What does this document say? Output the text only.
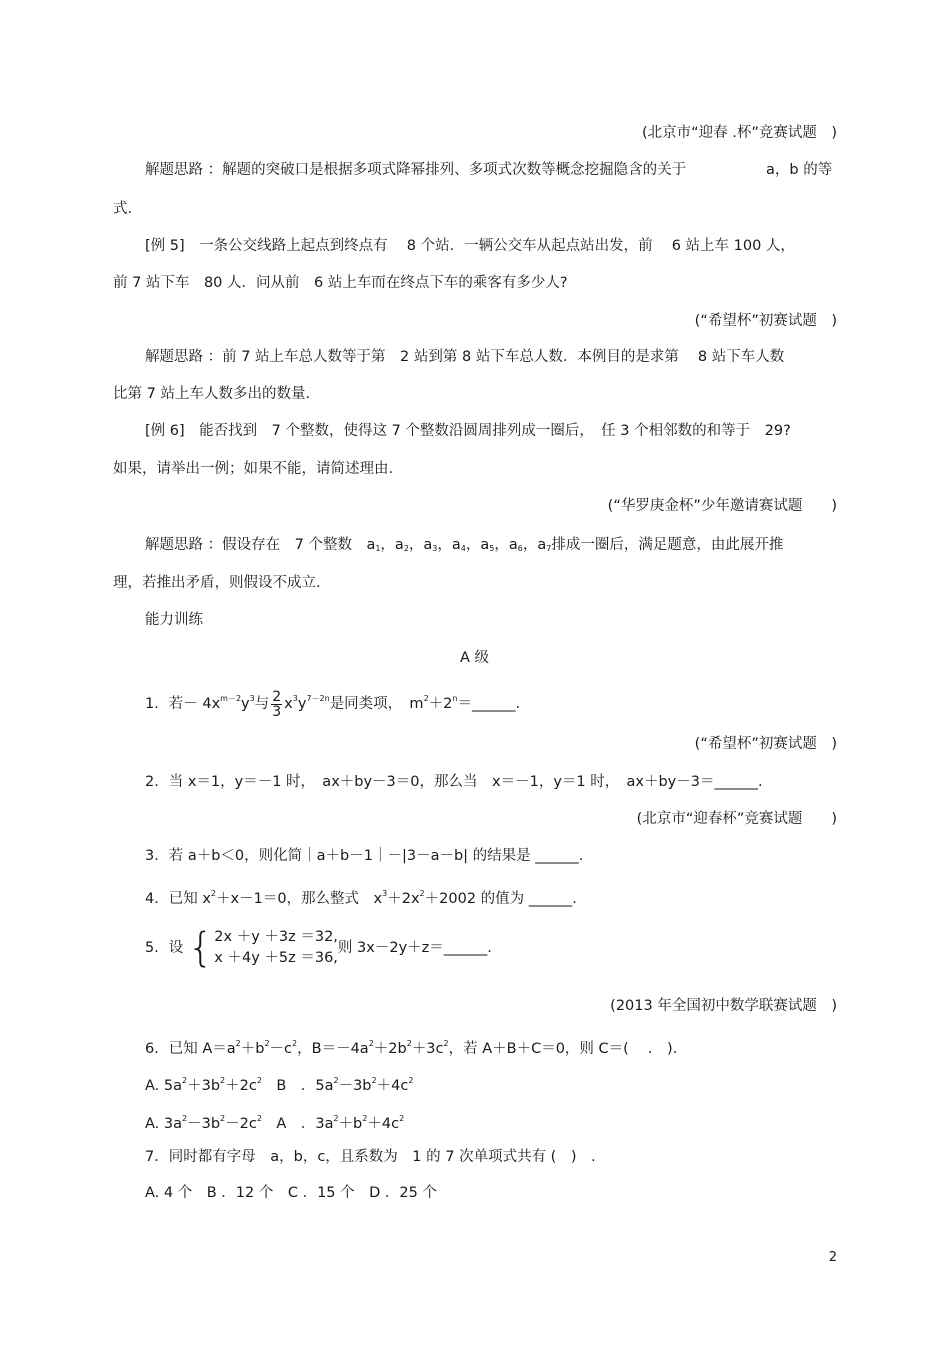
(北京市“迎春 .杯”竞赛试题　)
解题思路 ：解题的突破口是根据多项式降幂排列、多项式次数等概念挖掘隐含的关于	a，b 的等
式.
[例 5]　一条公交线路上起点到终点有　 8 个站．一辆公交车从起点站出发，前　 6 站上车 100 人，
前 7 站下车　80 人．问从前　6 站上车而在终点下车的乘客有多少人?
(“希望杯”初赛试题　)
解题思路 ：前 7 站上车总人数等于第　2 站到第 8 站下车总人数．本例目的是求第　 8 站下车人数
比第 7 站上车人数多出的数量.
[例 6]　能否找到　7 个整数，使得这 7 个整数沿圆周排列成一圈后，　任 3 个相邻数的和等于　29?
如果，请举出一例；如果不能，请简述理由.
(“华罗庚金杯”少年邀请赛试题　　)
解题思路 ：假设存在　7 个整数　$a_1$，$a_2$，$a_3$，$a_4$，$a_5$，$a_6$，$a_7$排成一圈后，满足题意，由此展开推
理，若推出矛盾，则假设不成立.
能力训练
A 级
1．若－ $4x^{m-2}y^3$与 $\frac{2}{3} x^3y^{7-2n}$是同类项，　$m^2+2^n=\_\_\_\_\_\_$.
(“希望杯”初赛试题　)
2．当 x＝1，y＝－1 时，　ax＋by－3＝0，那么当　x＝－1，y＝1 时，　ax＋by－3＝______.
(北京市“迎春杯”竞赛试题　　)
3．若 a＋b＜0，则化简｜a＋b－1｜－|3－a－b| 的结果是 ______.
4．已知 $x^2+x-1=0$，那么整式　$x^3+2x^2+2002$ 的值为 ______.
5．设 { 2x ＋y ＋3z ＝32,
x ＋4y ＋5z ＝36,
则 3x－2y＋z＝______.
(2013 年全国初中数学联赛试题　)
6．已知 $A=a^2+b^2-c^2$，$B=-4a^2+2b^2+3c^2$，若 A＋B＋C＝0，则 C＝(　 .　).
A. $5a^2+3b^2+2c^2$　 B　．$5a^2-3b^2+4c^2$
A. $3a^2-3b^2-2c^2$　 A　．$3a^2+b^2+4c^2$
7．同时都有字母　a，b，c，且系数为　1 的 7 次单项式共有 (　)　.
A. 4 个　B ．12 个　C ．15 个　D ．25 个
2
